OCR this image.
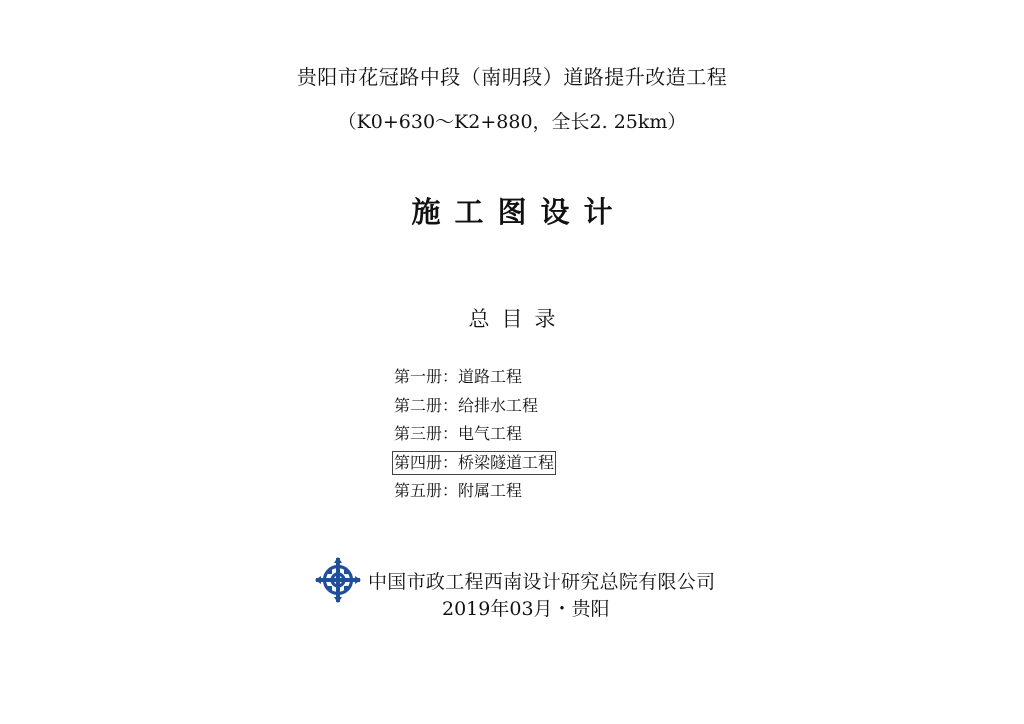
贵阳市花冠路中段（南明段）道路提升改造工程
（K0+630～K2+880，全长2. 25km）
施工图设计
总目录
第一册：道路工程
第二册：给排水工程
第三册：电气工程
第四册：桥梁隧道工程
第五册：附属工程
中国市政工程西南设计研究总院有限公司
2019年03月・贵阳
